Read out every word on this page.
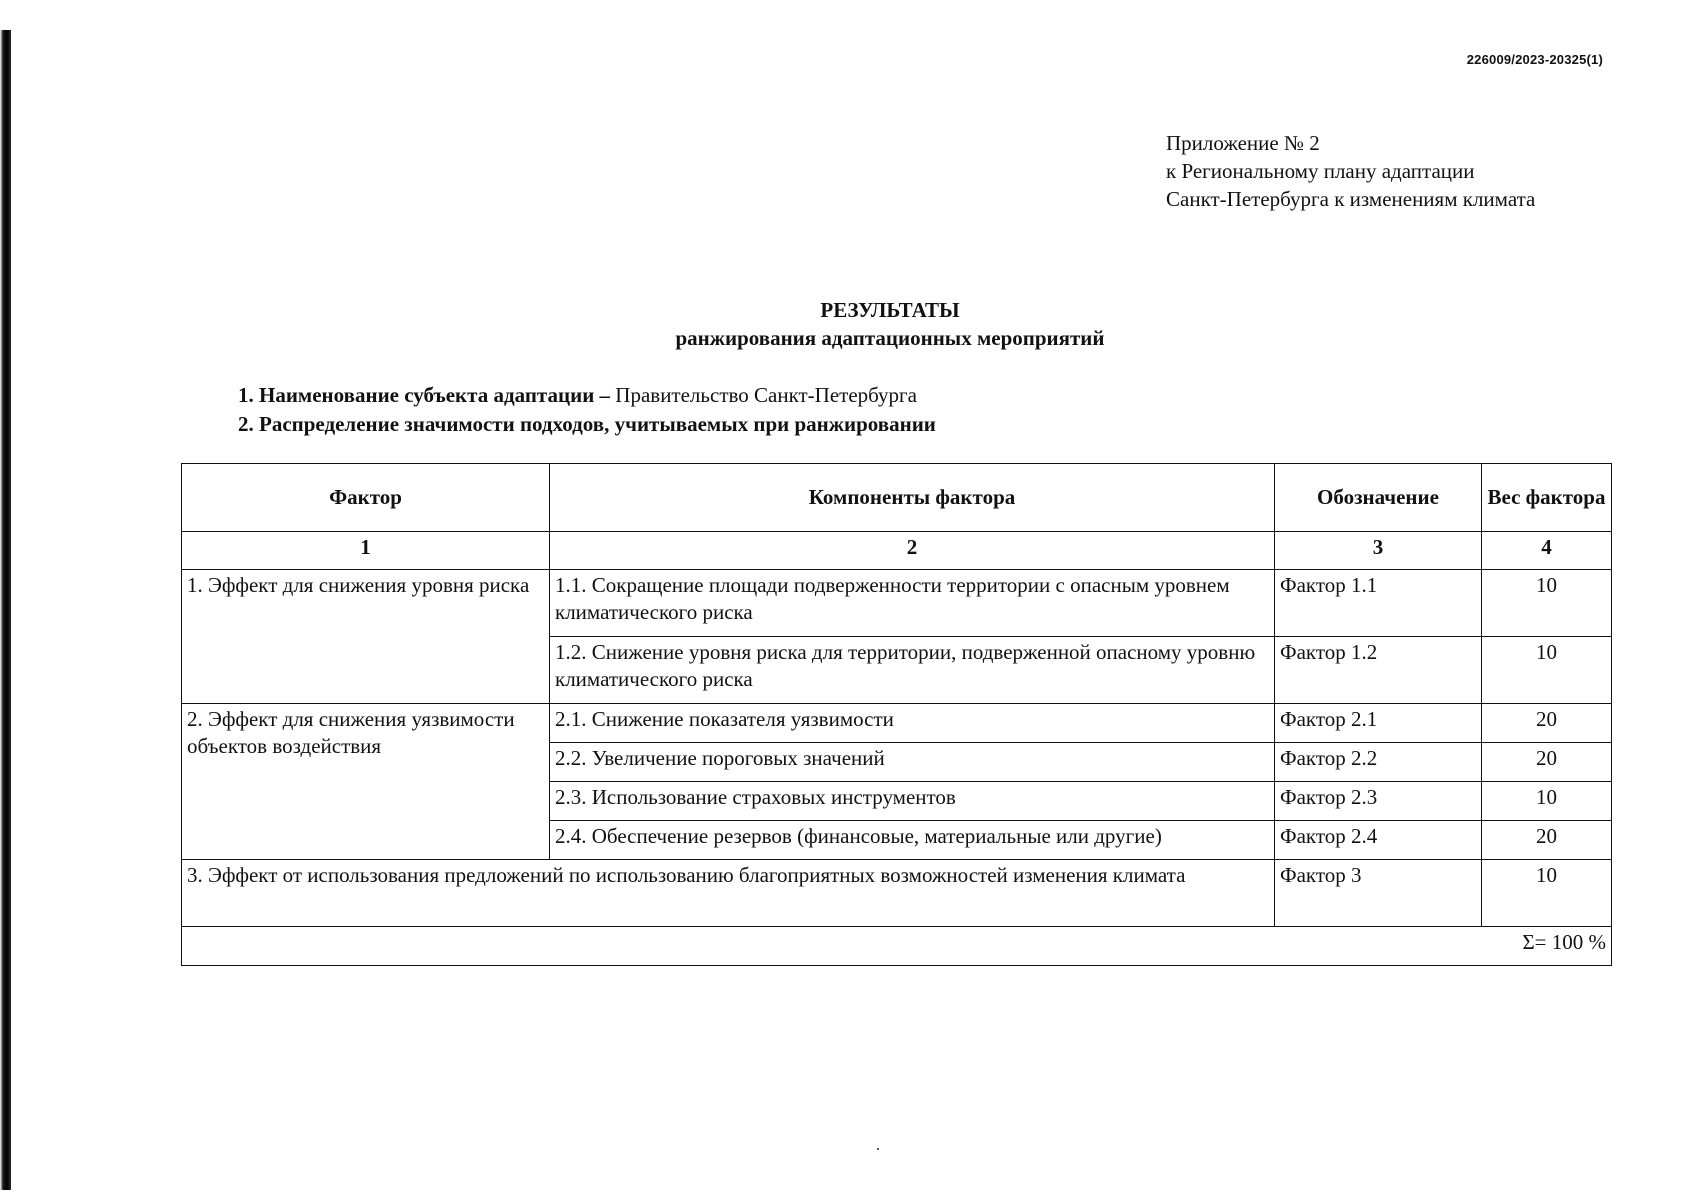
226009/2023-20325(1)
Приложение № 2
к Региональному плану адаптации
Санкт-Петербурга к изменениям климата
РЕЗУЛЬТАТЫ
ранжирования адаптационных мероприятий
1. Наименование субъекта адаптации – Правительство Санкт-Петербурга
2. Распределение значимости подходов, учитываемых при ранжировании
Фактор	Компоненты фактора	Обозначение	Вес фактора
1	2	3	4
1. Эффект для снижения уровня риска	1.1. Сокращение площади подверженности территории с опасным уровнем климатического риска	Фактор 1.1	10
	1.2. Снижение уровня риска для территории, подверженной опасному уровню климатического риска	Фактор 1.2	10
2. Эффект для снижения уязвимости объектов воздействия	2.1. Снижение показателя уязвимости	Фактор 2.1	20
	2.2. Увеличение пороговых значений	Фактор 2.2	20
	2.3. Использование страховых инструментов	Фактор 2.3	10
	2.4. Обеспечение резервов (финансовые, материальные или другие)	Фактор 2.4	20
3. Эффект от использования предложений по использованию благоприятных возможностей изменения климата		Фактор 3	10
Σ= 100 %			
